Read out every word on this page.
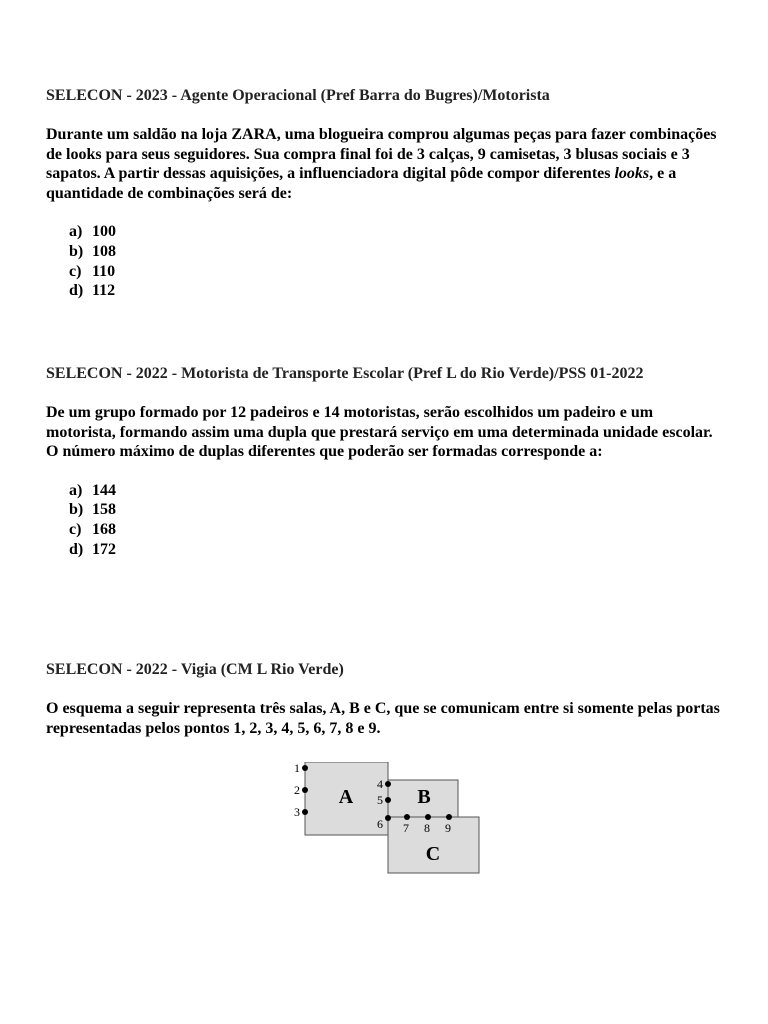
SELECON - 2023 - Agente Operacional (Pref Barra do Bugres)/Motorista

Durante um saldão na loja ZARA, uma blogueira comprou algumas peças para fazer combinações de looks para seus seguidores. Sua compra final foi de 3 calças, 9 camisetas, 3 blusas sociais e 3 sapatos. A partir dessas aquisições, a influenciadora digital pôde compor diferentes looks, e a quantidade de combinações será de:

a) 100
b) 108
c) 110
d) 112

SELECON - 2022 - Motorista de Transporte Escolar (Pref L do Rio Verde)/PSS 01-2022

De um grupo formado por 12 padeiros e 14 motoristas, serão escolhidos um padeiro e um motorista, formando assim uma dupla que prestará serviço em uma determinada unidade escolar. O número máximo de duplas diferentes que poderão ser formadas corresponde a:

a) 144
b) 158
c) 168
d) 172

SELECON - 2022 - Vigia (CM L Rio Verde)

O esquema a seguir representa três salas, A, B e C, que se comunicam entre si somente pelas portas representadas pelos pontos 1, 2, 3, 4, 5, 6, 7, 8 e 9.

A	B
C
1
2
3
4
5
6 7 8 9
